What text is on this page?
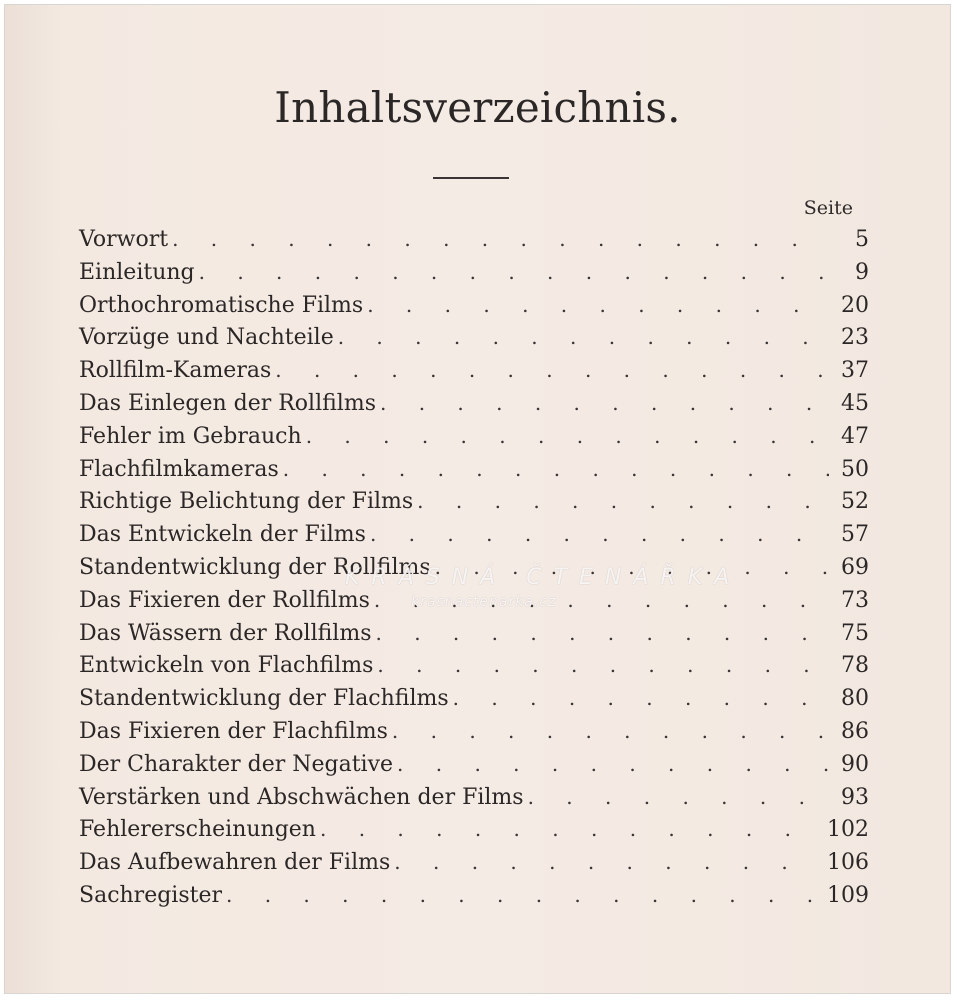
Inhaltsverzeichnis.
Seite
Vorwort . . .	5
Einleitung . . .	9
Orthochromatische Films . . .	20
Vorzüge und Nachteile . . .	23
Rollfilm-Kameras . . .	37
Das Einlegen der Rollfilms . . .	45
Fehler im Gebrauch . . .	47
Flachfilmkameras . . .	50
Richtige Belichtung der Films . . .	52
Das Entwickeln der Films . . .	57
Standentwicklung der Rollfilms . . .	69
Das Fixieren der Rollfilms . . .	73
Das Wässern der Rollfilms . . .	75
Entwickeln von Flachfilms . . .	78
Standentwicklung der Flachfilms . . .	80
Das Fixieren der Flachfilms . . .	86
Der Charakter der Negative . . .	90
Verstärken und Abschwächen der Films . . .	93
Fehlererscheinungen . . .	102
Das Aufbewahren der Films . . .	106
Sachregister . . .	109
KRÁSNÁ ČTENÁŘKA
krasnactenarka.cz
